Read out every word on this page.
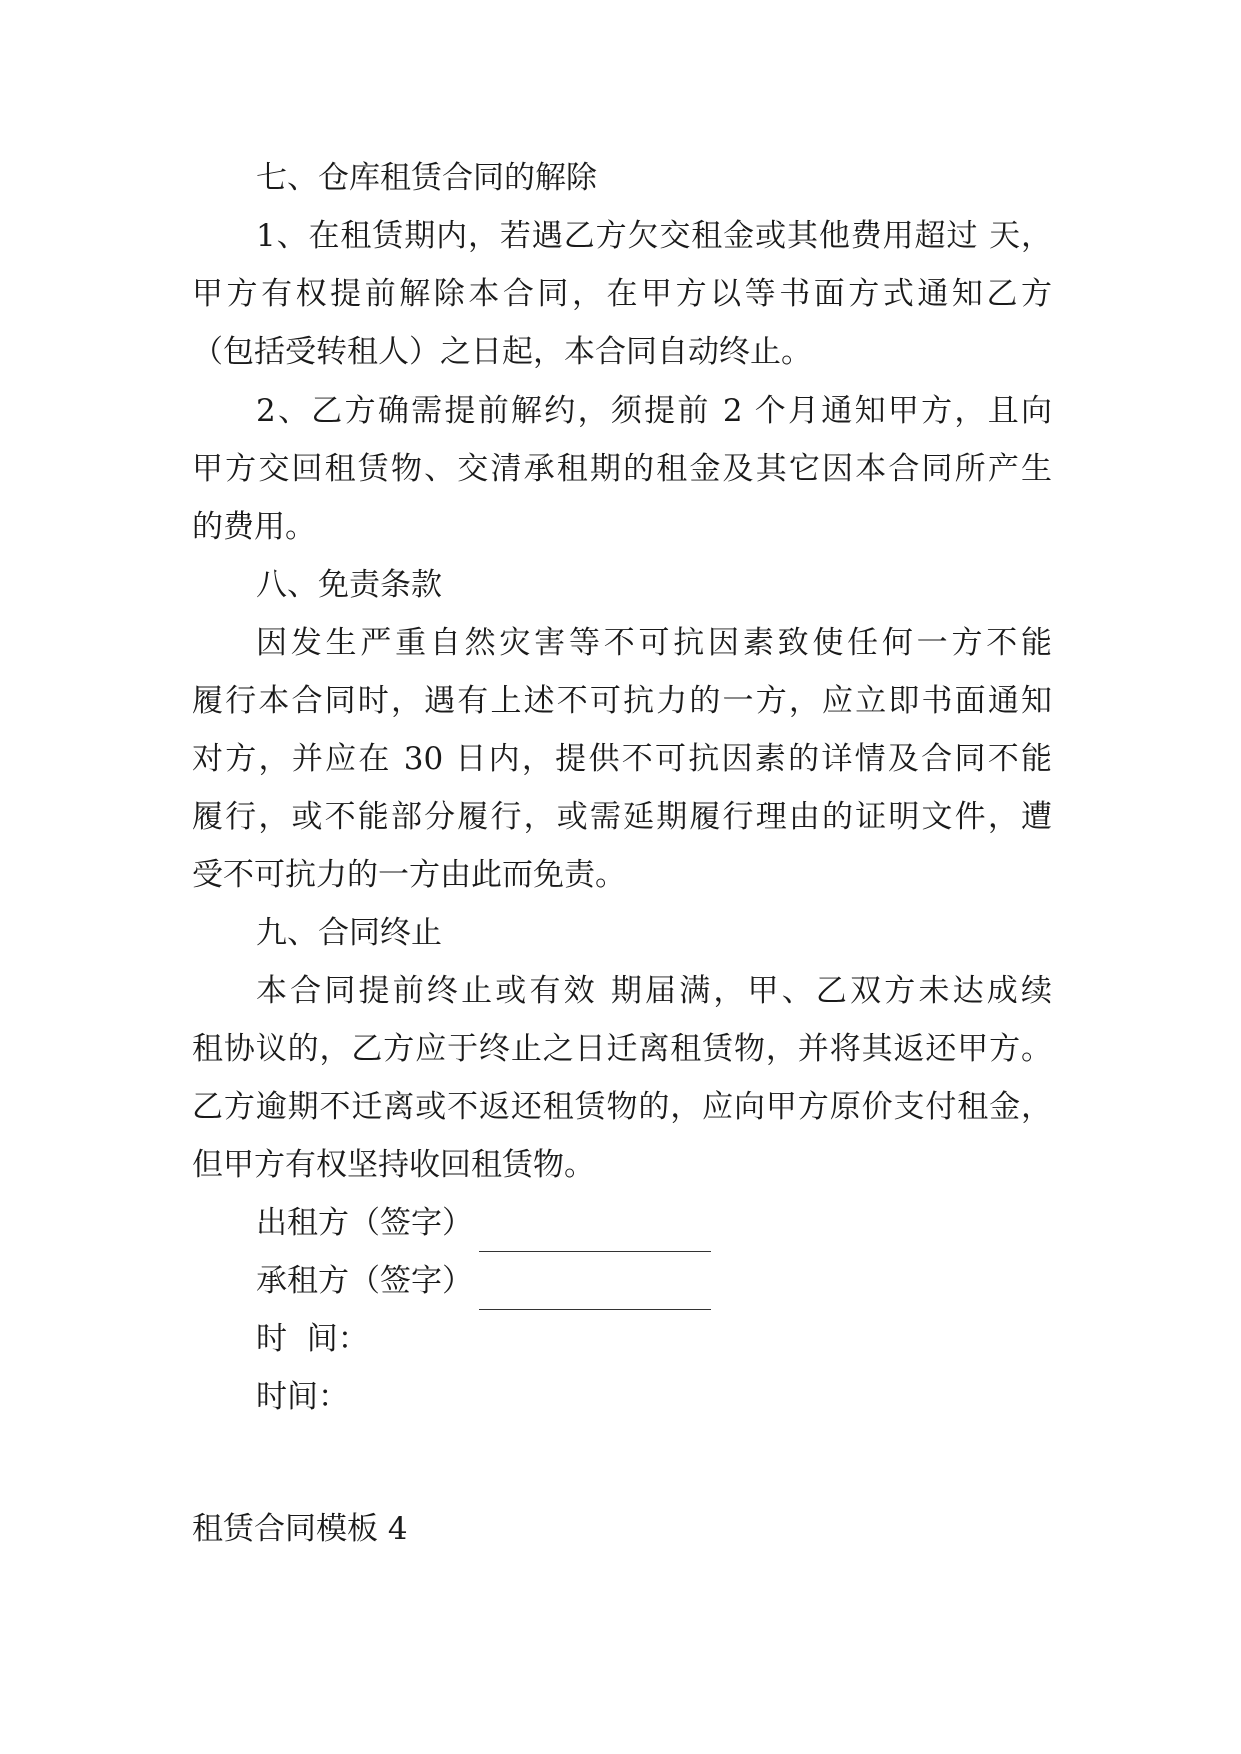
七、仓库租赁合同的解除
1、在租赁期内，若遇乙方欠交租金或其他费用超过 天，
甲方有权提前解除本合同，在甲方以等书面方式通知乙方
（包括受转租人）之日起，本合同自动终止。
2、乙方确需提前解约，须提前 2 个月通知甲方，且向
甲方交回租赁物、交清承租期的租金及其它因本合同所产生
的费用。
八、免责条款
因发生严重自然灾害等不可抗因素致使任何一方不能
履行本合同时，遇有上述不可抗力的一方，应立即书面通知
对方，并应在 30 日内，提供不可抗因素的详情及合同不能
履行，或不能部分履行，或需延期履行理由的证明文件，遭
受不可抗力的一方由此而免责。
九、合同终止
本合同提前终止或有效 期届满，甲、乙双方未达成续
租协议的，乙方应于终止之日迁离租赁物，并将其返还甲方。
乙方逾期不迁离或不返还租赁物的，应向甲方原价支付租金，
但甲方有权坚持收回租赁物。
出租方（签字）
承租方（签字）
时  间：
时间：
租赁合同模板 4
